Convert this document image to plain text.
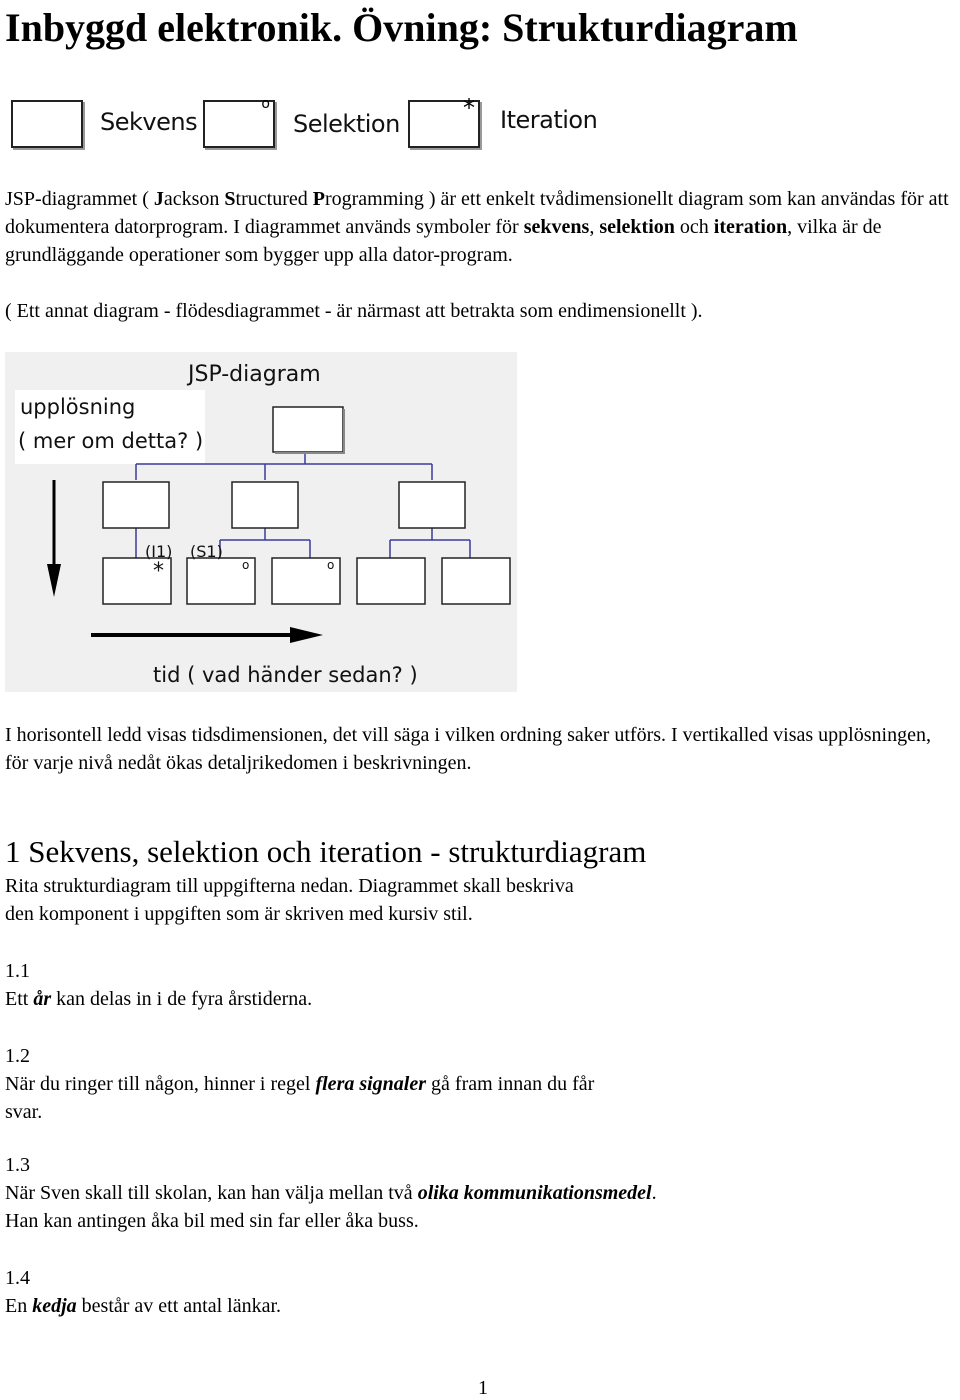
Inbyggd elektronik. Övning: Strukturdiagram
Sekvens
o
Selektion
* Iteration

JSP-diagrammet ( Jackson Structured Programming ) är ett enkelt tvådimensionellt diagram som kan användas för att dokumentera datorprogram. I diagrammet används symboler för sekvens, selektion och iteration, vilka är de grundläggande operationer som bygger upp alla dator-program.

( Ett annat diagram - flödesdiagrammet - är närmast att betrakta som endimensionellt ).

JSP-diagram
upplösning
( mer om detta? )
tid ( vad händer sedan? )
(I1) (S1)
*	o	o

I horisontell ledd visas tidsdimensionen, det vill säga i vilken ordning saker utförs. I vertikalled visas upplösningen, för varje nivå nedåt ökas detaljrikedomen i beskrivningen.

1 Sekvens, selektion och iteration - strukturdiagram

Rita strukturdiagram till uppgifterna nedan. Diagrammet skall beskriva

den komponent i uppgiften som är skriven med kursiv stil.

1.1

Ett år kan delas in i de fyra årstiderna.

1.2

När du ringer till någon, hinner i regel flera signaler gå fram innan du får

svar.

1.3

När Sven skall till skolan, kan han välja mellan två olika kommunikationsmedel.

Han kan antingen åka bil med sin far eller åka buss.

1.4

En kedja består av ett antal länkar.

1
